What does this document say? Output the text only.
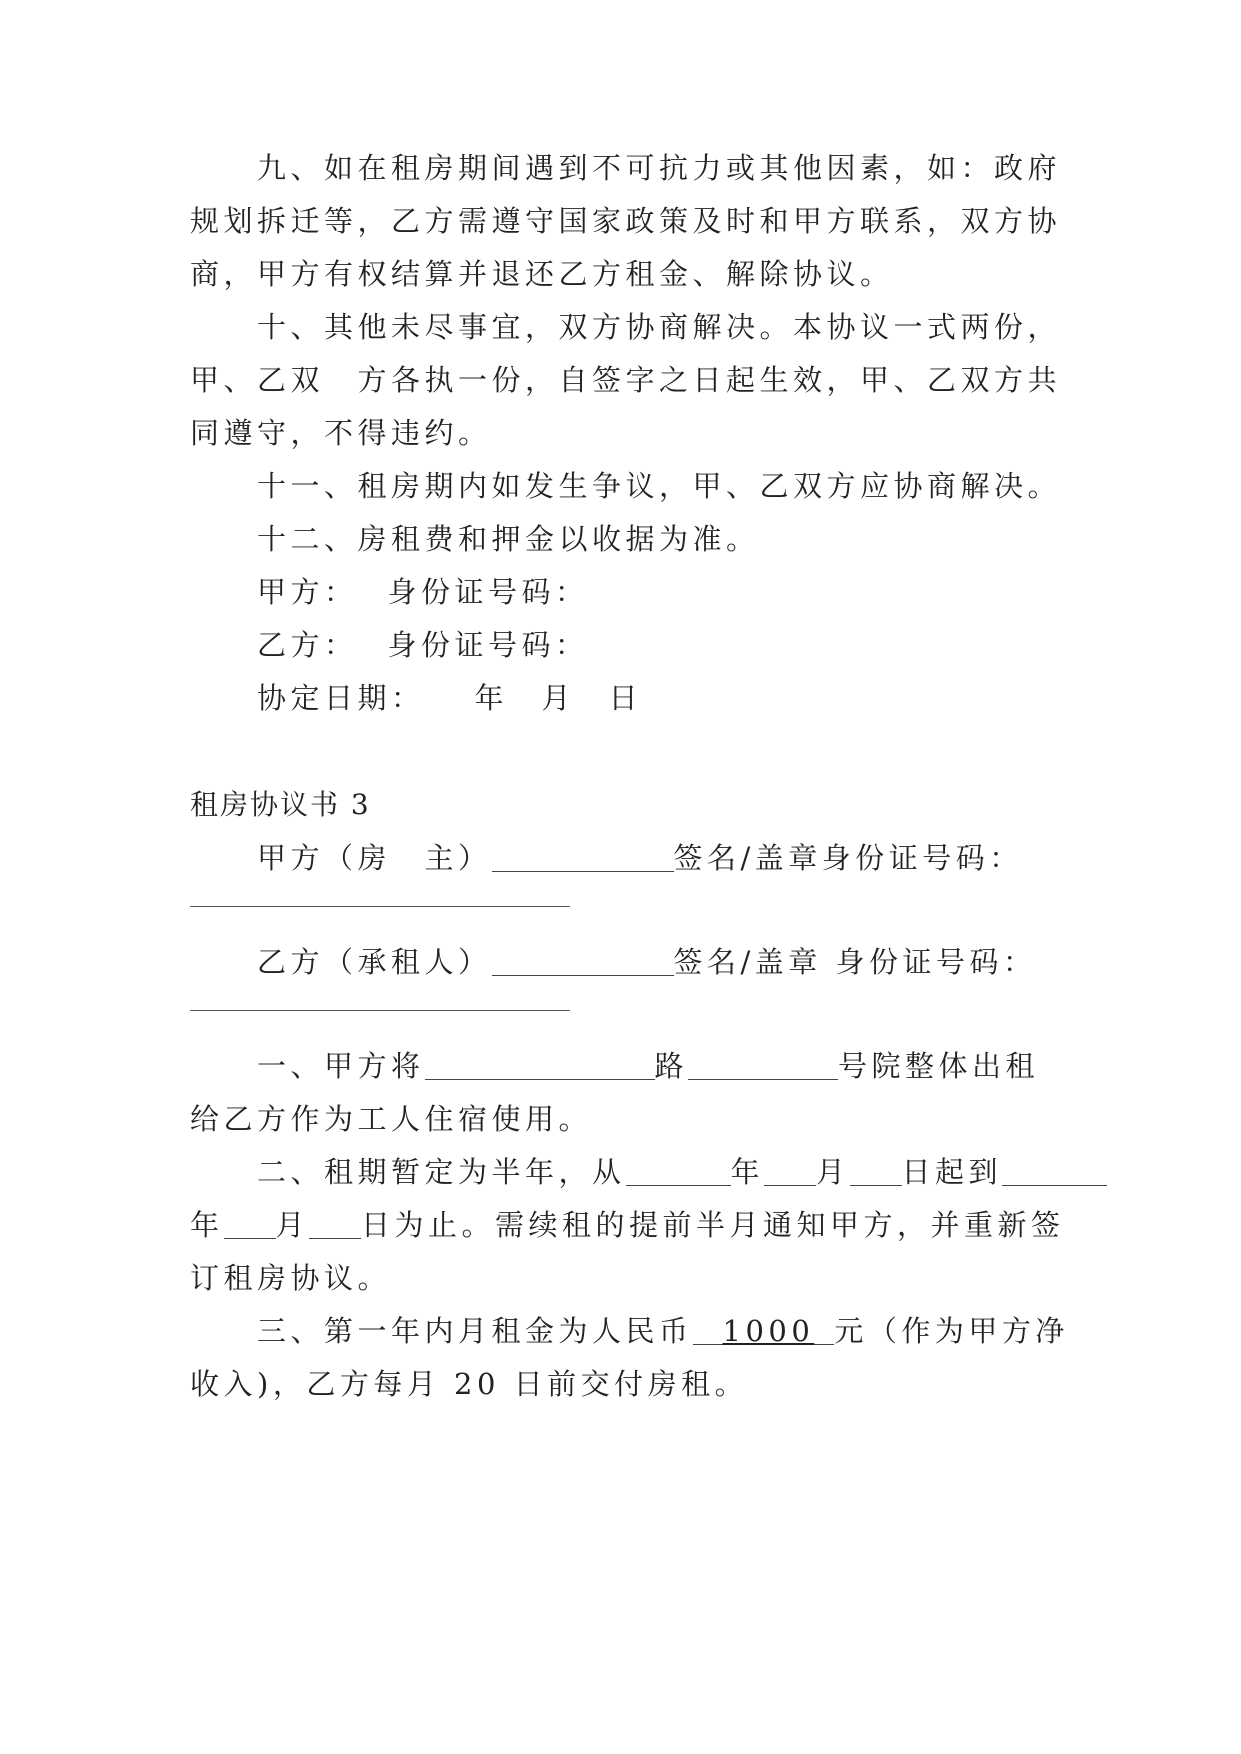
九、如在租房期间遇到不可抗力或其他因素，如：政府
规划拆迁等，乙方需遵守国家政策及时和甲方联系，双方协
商，甲方有权结算并退还乙方租金、解除协议。
十、其他未尽事宜，双方协商解决。本协议一式两份，
甲、乙双　方各执一份，自签字之日起生效，甲、乙双方共
同遵守，不得违约。
十一、租房期内如发生争议，甲、乙双方应协商解决。
十二、房租费和押金以收据为准。
甲方： 身份证号码：
乙方： 身份证号码：
协定日期： 年　 月　 日
租房协议书 3
甲方（房　主）	签名/盖章身份证号码：
乙方（承租人）	签名/盖章 身份证号码：
一、甲方将	路	号院整体出租
给乙方作为工人住宿使用。
二、租期暂定为半年，从	年 月 日起到
年 月 日为止。需续租的提前半月通知甲方，并重新签
订租房协议。
三、第一年内月租金为人民币 1000 元（作为甲方净
收入)，乙方每月 20 日前交付房租。
